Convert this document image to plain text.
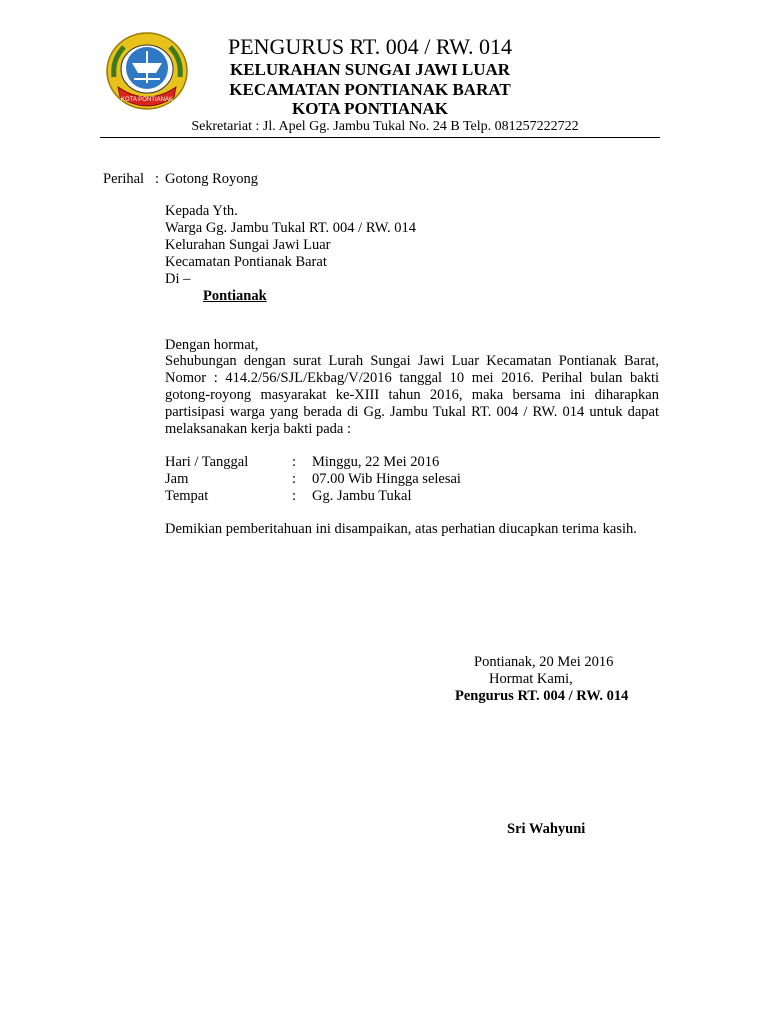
KOTA PONTIANAK
PENGURUS RT. 004 / RW. 014
KELURAHAN SUNGAI JAWI LUAR
KECAMATAN PONTIANAK BARAT
KOTA PONTIANAK
Sekretariat : Jl. Apel Gg. Jambu Tukal No. 24 B Telp. 081257222722
Perihal : Gotong Royong
Kepada Yth.
Warga Gg. Jambu Tukal RT. 004 / RW. 014
Kelurahan Sungai Jawi Luar
Kecamatan Pontianak Barat
Di –
Pontianak
Dengan hormat,
Sehubungan dengan surat Lurah Sungai Jawi Luar Kecamatan Pontianak Barat, Nomor : 414.2/56/SJL/Ekbag/V/2016 tanggal 10 mei 2016. Perihal bulan bakti gotong-royong masyarakat ke-XIII tahun 2016, maka bersama ini diharapkan partisipasi warga yang berada di Gg. Jambu Tukal RT. 004 / RW. 014 untuk dapat melaksanakan kerja bakti pada :
Hari / Tanggal	: Minggu, 22 Mei 2016
Jam	: 07.00 Wib Hingga selesai
Tempat	: Gg. Jambu Tukal
Demikian pemberitahuan ini disampaikan, atas perhatian diucapkan terima kasih.
Pontianak, 20 Mei 2016
Hormat Kami,
Pengurus RT. 004 / RW. 014
Sri Wahyuni
